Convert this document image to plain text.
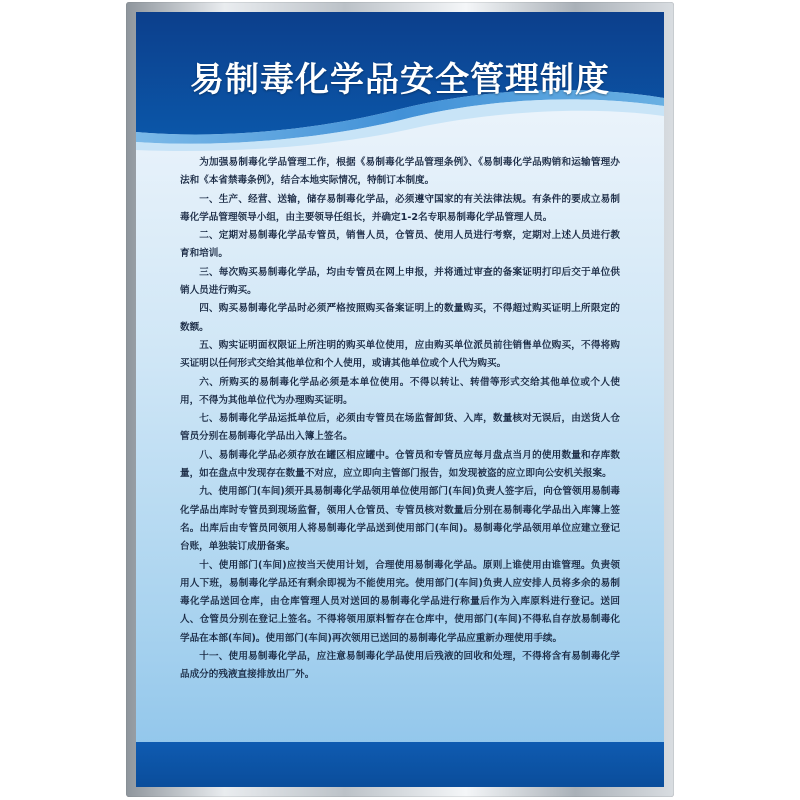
易制毒化学品安全管理制度

为加强易制毒化学品管理工作，根据《易制毒化学品管理条例》、《易制毒化学品购销和运输管理办法和《本省禁毒条例》，结合本地实际情况，特制订本制度。

一、生产、经营、送输，储存易制毒化学品，必须遵守国家的有关法律法规。有条件的要成立易制毒化学品管理领导小组，由主要领导任组长，并确定1-2名专职易制毒化学品管理人员。

二、定期对易制毒化学品专管员，销售人员，仓管员、使用人员进行考察，定期对上述人员进行教育和培训。

三、每次购买易制毒化学品，均由专管员在网上申报，并将通过审查的备案证明打印后交于单位供销人员进行购买。

四、购买易制毒化学品时必须严格按照购买备案证明上的数量购买，不得超过购买证明上所限定的数额。

五、购实证明面权限证上所注明的购买单位使用，应由购买单位派员前往销售单位购买，不得将购买证明以任何形式交给其他单位和个人使用，或请其他单位或个人代为购买。

六、所购买的易制毒化学品必须是本单位使用。不得以转让、转借等形式交给其他单位或个人使用，不得为其他单位代为办理购买证明。

七、易制毒化学品运抵单位后，必须由专管员在场监督卸货、入库，数量核对无误后，由送货人仓管员分别在易制毒化学品出入簿上签名。

八、易制毒化学品必须存放在罐区相应罐中。仓管员和专管员应每月盘点当月的使用数量和存库数量，如在盘点中发现存在数量不对应，应立即向主管部门报告，如发现被盗的应立即向公安机关报案。

九、使用部门(车间)须开具易制毒化学品领用单位使用部门(车间)负责人签字后，向仓管领用易制毒化学品出库时专管员到现场监督，领用人仓管员、专管员核对数量后分别在易制毒化学品出入库簿上签名。出库后由专管员同领用人将易制毒化学品送到使用部门(车间)。易制毒化学品领用单位应建立登记台账，单独装订成册备案。

十、使用部门(车间)应按当天使用计划，合理使用易制毒化学品。原则上谁使用由谁管理。负责领用人下班，易制毒化学品还有剩余即视为不能使用完。使用部门(车间)负责人应安排人员将多余的易制毒化学品送回仓库，由仓库管理人员对送回的易制毒化学品进行称量后作为入库原料进行登记。送回人、仓管员分别在登记上签名。不得将领用原料暂存在仓库中，使用部门(车间)不得私自存放易制毒化学品在本部(车间)。使用部门(车间)再次领用已送回的易制毒化学品应重新办理使用手续。

十一、使用易制毒化学品，应注意易制毒化学品使用后残液的回收和处理，不得将含有易制毒化学品成分的残液直接排放出厂外。
